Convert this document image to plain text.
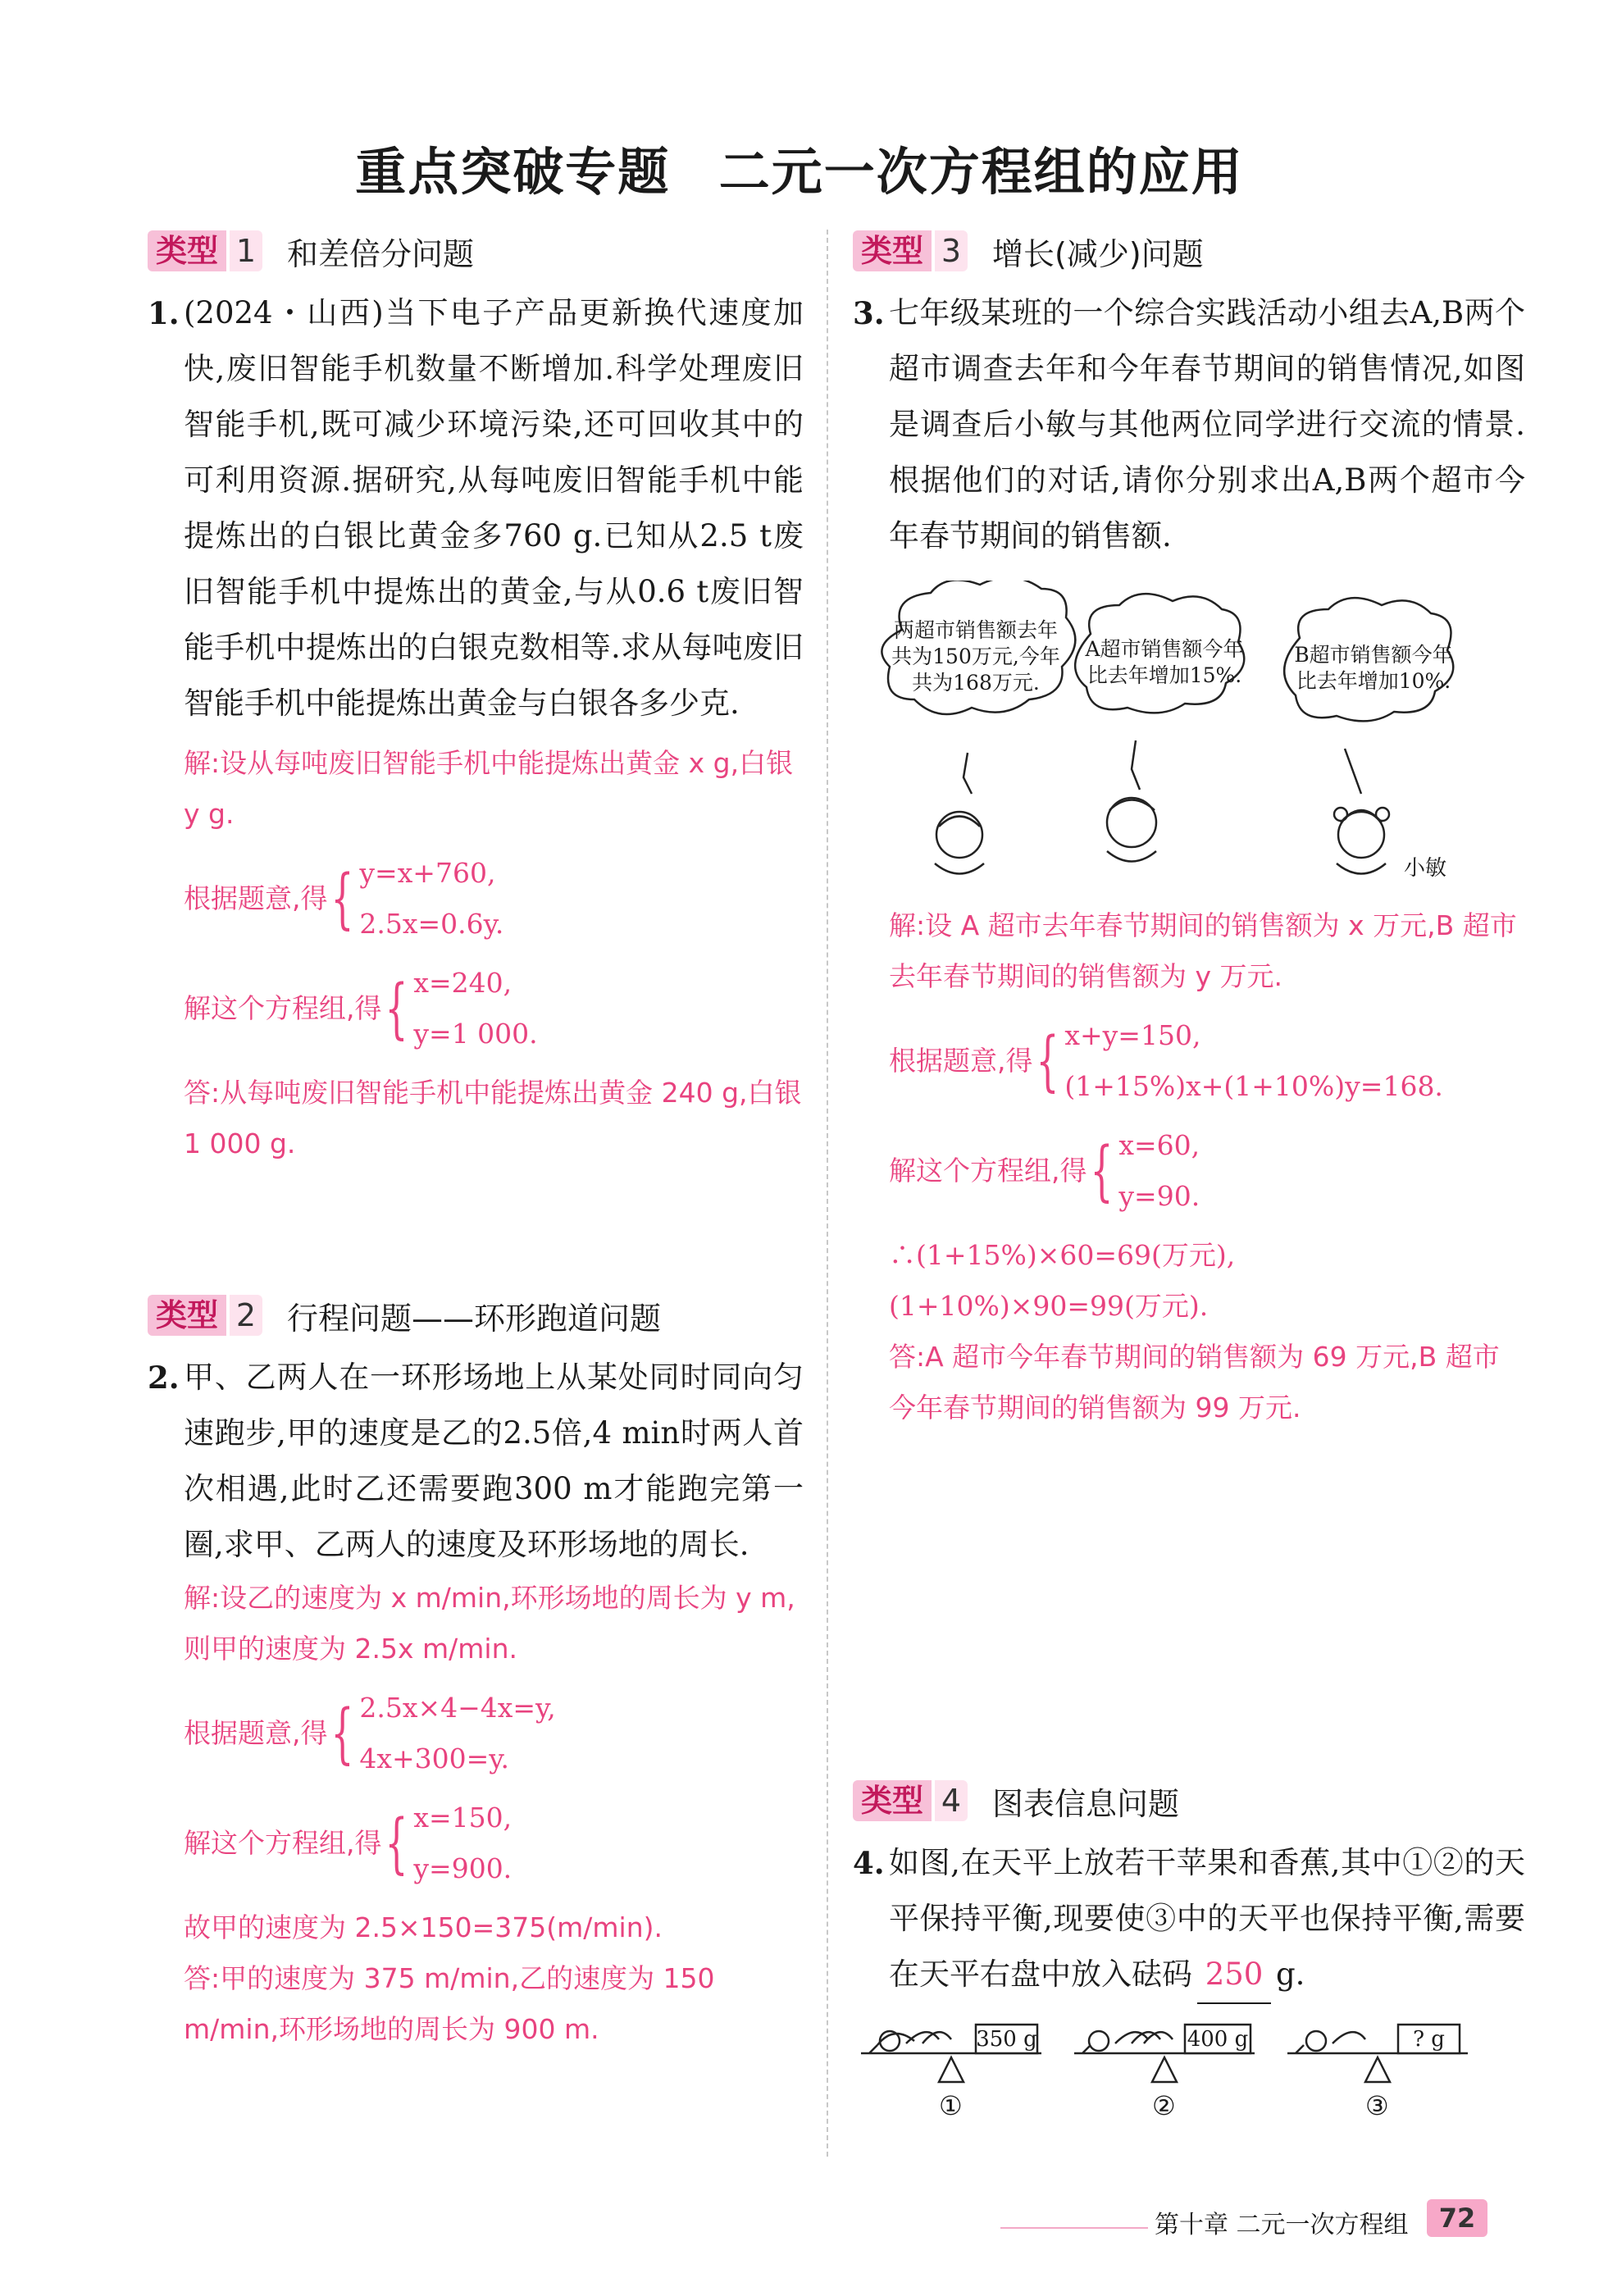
重点突破专题 二元一次方程组的应用
类型 1 和差倍分问题
1. (2024・山西)当下电子产品更新换代速度加快,废旧智能手机数量不断增加.科学处理废旧智能手机,既可减少环境污染,还可回收其中的可利用资源.据研究,从每吨废旧智能手机中能提炼出的白银比黄金多760 g.已知从2.5 t废旧智能手机中提炼出的黄金,与从0.6 t废旧智能手机中提炼出的白银克数相等.求从每吨废旧智能手机中能提炼出黄金与白银各多少克.
解:设从每吨废旧智能手机中能提炼出黄金 x g,白银 y g.
根据题意,得 { y=x+760,
2.5x=0.6y.
解这个方程组,得 { x=240,
y=1 000.
答:从每吨废旧智能手机中能提炼出黄金 240 g,白银 1 000 g.
类型 2 行程问题——环形跑道问题
2. 甲、乙两人在一环形场地上从某处同时同向匀速跑步,甲的速度是乙的2.5倍,4 min时两人首次相遇,此时乙还需要跑300 m才能跑完第一圈,求甲、乙两人的速度及环形场地的周长.
解:设乙的速度为 x m/min,环形场地的周长为 y m,则甲的速度为 2.5x m/min.
根据题意,得 { 2.5x×4−4x=y,
4x+300=y.
解这个方程组,得 { x=150,
y=900.
故甲的速度为 2.5×150=375(m/min).
答:甲的速度为 375 m/min,乙的速度为 150 m/min,环形场地的周长为 900 m.
类型 3 增长(减少)问题
3. 七年级某班的一个综合实践活动小组去A,B两个超市调查去年和今年春节期间的销售情况,如图是调查后小敏与其他两位同学进行交流的情景.根据他们的对话,请你分别求出A,B两个超市今年春节期间的销售额.
两超市销售额去年共为150万元,今年共为168万元.
A超市销售额今年比去年增加15%.
B超市销售额今年比去年增加10%.
小敏
解:设 A 超市去年春节期间的销售额为 x 万元,B 超市去年春节期间的销售额为 y 万元.
根据题意,得 { x+y=150,
(1+15%)x+(1+10%)y=168.
解这个方程组,得 { x=60,
y=90.
∴(1+15%)×60=69(万元),
(1+10%)×90=99(万元).
答:A 超市今年春节期间的销售额为 69 万元,B 超市今年春节期间的销售额为 99 万元.
类型 4 图表信息问题
4. 如图,在天平上放若干苹果和香蕉,其中①②的天平保持平衡,现要使③中的天平也保持平衡,需要在天平右盘中放入砝码 250 g.
350 g	400 g	? g
①	②	③
第十章 二元一次方程组	72
